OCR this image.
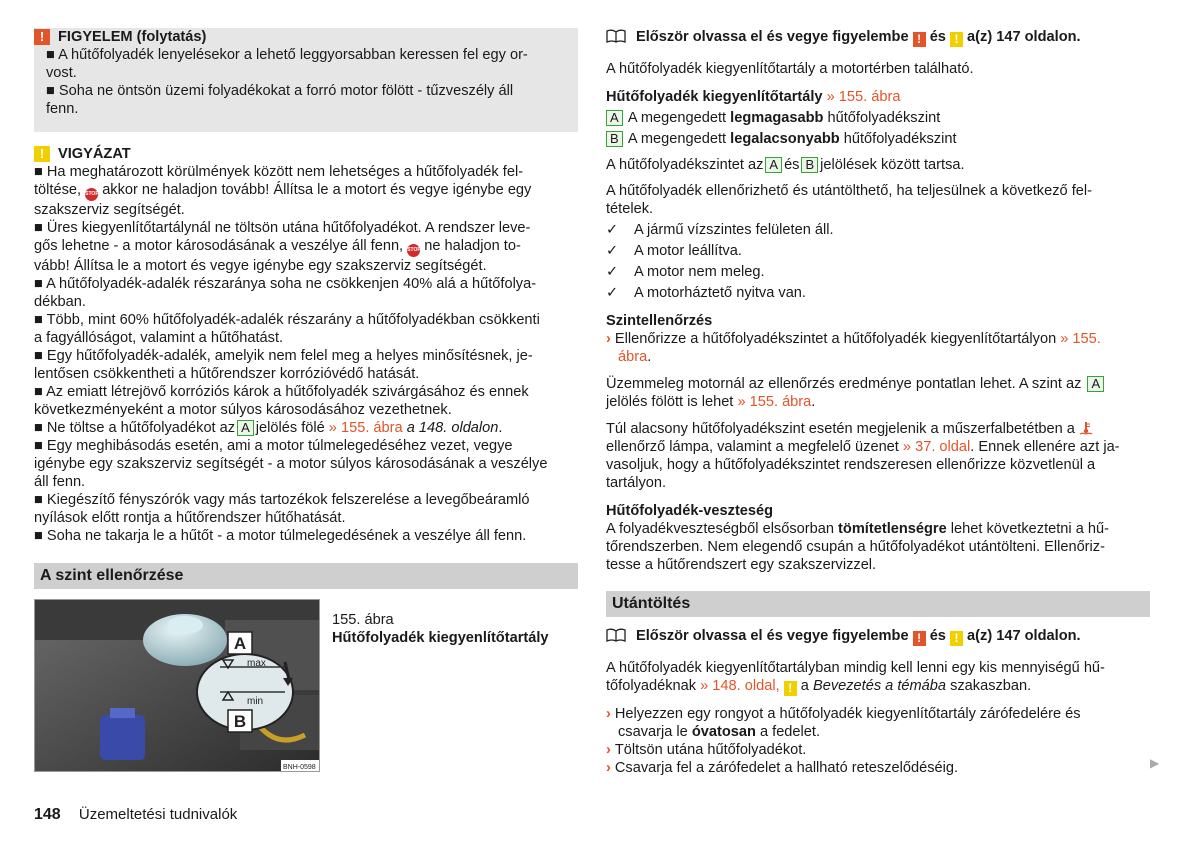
! FIGYELEM (folytatás)

■ A hűtőfolyadék lenyelésekor a lehető leggyorsabban keressen fel egy or-

vost.

■ Soha ne öntsön üzemi folyadékokat a forró motor fölött - tűzveszély áll

fenn.

! VIGYÁZAT

■ Ha meghatározott körülmények között nem lehetséges a hűtőfolyadék fel-

töltése, STOP akkor ne haladjon tovább! Állítsa le a motort és vegye igénybe egy

szakszerviz segítségét.

■ Üres kiegyenlítőtartálynál ne töltsön utána hűtőfolyadékot. A rendszer leve-

gős lehetne - a motor károsodásának a veszélye áll fenn, STOP ne haladjon to-

vább! Állítsa le a motort és vegye igénybe egy szakszerviz segítségét.

■ A hűtőfolyadék-adalék részaránya soha ne csökkenjen 40% alá a hűtőfolya-

dékban.

■ Több, mint 60% hűtőfolyadék-adalék részarány a hűtőfolyadékban csökkenti

a fagyállóságot, valamint a hűtőhatást.

■ Egy hűtőfolyadék-adalék, amelyik nem felel meg a helyes minősítésnek, je-

lentősen csökkentheti a hűtőrendszer korrózióvédő hatását.

■ Az emiatt létrejövő korróziós károk a hűtőfolyadék szivárgásához és ennek

következményeként a motor súlyos károsodásához vezethetnek.

■ Ne töltse a hűtőfolyadékot az A jelölés fölé » 155. ábra a 148. oldalon.

■ Egy meghibásodás esetén, ami a motor túlmelegedéséhez vezet, vegye

igénybe egy szakszerviz segítségét - a motor súlyos károsodásának a veszélye

áll fenn.

■ Kiegészítő fényszórók vagy más tartozékok felszerelése a levegőbeáramló

nyílások előtt rontja a hűtőrendszer hűtőhatását.

■ Soha ne takarja le a hűtőt - a motor túlmelegedésének a veszélye áll fenn.

A szint ellenőrzése
max
min
A
B
BNH-0598

155. ábra

Hűtőfolyadék kiegyenlítőtartály

Először olvassa el és vegye figyelembe ! és ! a(z) 147 oldalon.

A hűtőfolyadék kiegyenlítőtartály a motortérben található.

Hűtőfolyadék kiegyenlítőtartály » 155. ábra

A A megengedett legmagasabb hűtőfolyadékszint

B A megengedett legalacsonyabb hűtőfolyadékszint

A hűtőfolyadékszintet az A és B jelölések között tartsa.

A hűtőfolyadék ellenőrizhető és utántölthető, ha teljesülnek a következő fel-

tételek.

✓	A jármű vízszintes felületen áll.
✓	A motor leállítva.
✓	A motor nem meleg.
✓	A motorháztető nyitva van.

Szintellenőrzés

› Ellenőrizze a hűtőfolyadékszintet a hűtőfolyadék kiegyenlítőtartályon » 155.

ábra.

Üzemmeleg motornál az ellenőrzés eredménye pontatlan lehet. A szint az A

jelölés fölött is lehet » 155. ábra.

Túl alacsony hűtőfolyadékszint esetén megjelenik a műszerfalbetétben a

ellenőrző lámpa, valamint a megfelelő üzenet » 37. oldal. Ennek ellenére azt ja-

vasoljuk, hogy a hűtőfolyadékszintet rendszeresen ellenőrizze közvetlenül a

tartályon.

Hűtőfolyadék-veszteség

A folyadékveszteségből elsősorban tömítetlenségre lehet következtetni a hű-

tőrendszerben. Nem elegendő csupán a hűtőfolyadékot utántölteni. Ellenőriz-

tesse a hűtőrendszert egy szakszervizzel.

Utántöltés

Először olvassa el és vegye figyelembe ! és ! a(z) 147 oldalon.

A hűtőfolyadék kiegyenlítőtartályban mindig kell lenni egy kis mennyiségű hű-

tőfolyadéknak » 148. oldal, ! a Bevezetés a témába szakaszban.

› Helyezzen egy rongyot a hűtőfolyadék kiegyenlítőtartály zárófedelére és

csavarja le óvatosan a fedelet.

› Töltsön utána hűtőfolyadékot.

› Csavarja fel a zárófedelet a hallható reteszelődéséig.	▶
148 Üzemeltetési tudnivalók
